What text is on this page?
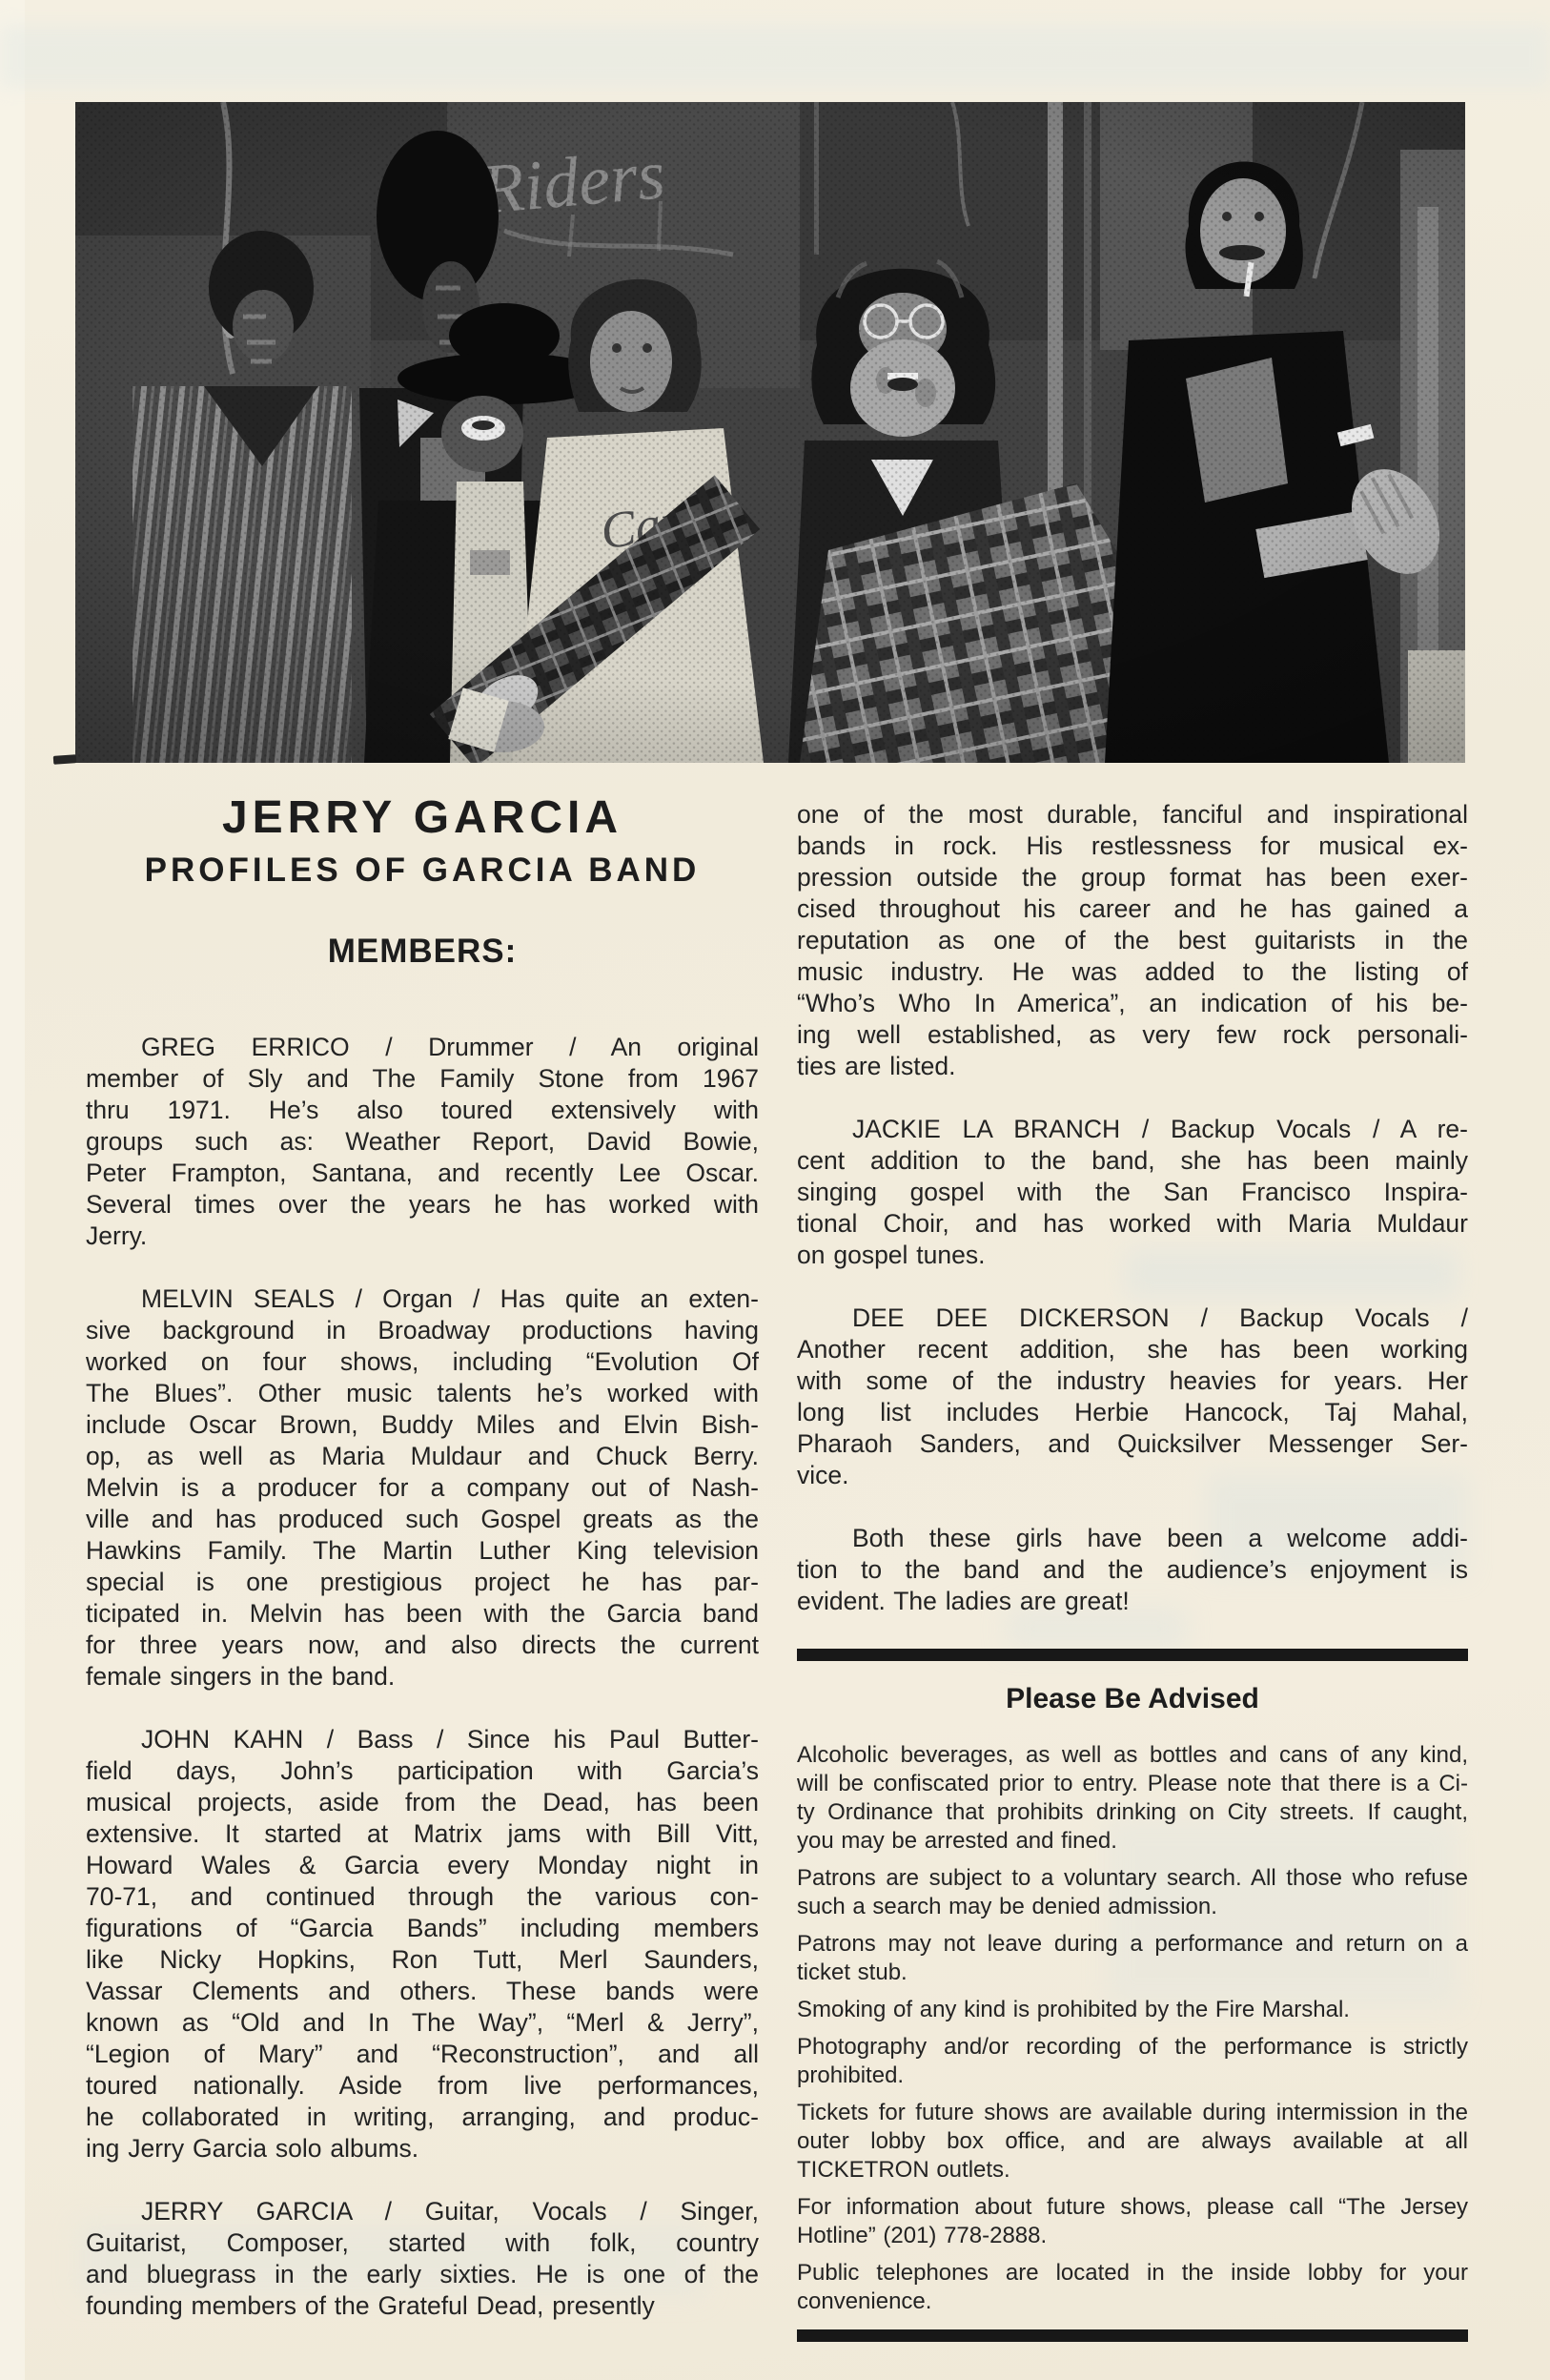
JERRY GARCIA
PROFILES OF GARCIA BAND
MEMBERS:
GREG ERRICO / Drummer / An original
member of Sly and The Family Stone from 1967
thru 1971. He’s also toured extensively with
groups such as: Weather Report, David Bowie,
Peter Frampton, Santana, and recently Lee Oscar.
Several times over the years he has worked with
Jerry.
MELVIN SEALS / Organ / Has quite an exten-
sive background in Broadway productions having
worked on four shows, including “Evolution Of
The Blues”. Other music talents he’s worked with
include Oscar Brown, Buddy Miles and Elvin Bish-
op, as well as Maria Muldaur and Chuck Berry.
Melvin is a producer for a company out of Nash-
ville and has produced such Gospel greats as the
Hawkins Family. The Martin Luther King television
special is one prestigious project he has par-
ticipated in. Melvin has been with the Garcia band
for three years now, and also directs the current
female singers in the band.
JOHN KAHN / Bass / Since his Paul Butter-
field days, John’s participation with Garcia’s
musical projects, aside from the Dead, has been
extensive. It started at Matrix jams with Bill Vitt,
Howard Wales & Garcia every Monday night in
70-71, and continued through the various con-
figurations of “Garcia Bands” including members
like Nicky Hopkins, Ron Tutt, Merl Saunders,
Vassar Clements and others. These bands were
known as “Old and In The Way”, “Merl & Jerry”,
“Legion of Mary” and “Reconstruction”, and all
toured nationally. Aside from live performances,
he collaborated in writing, arranging, and produc-
ing Jerry Garcia solo albums.
JERRY GARCIA / Guitar, Vocals / Singer,
Guitarist, Composer, started with folk, country
and bluegrass in the early sixties. He is one of the
founding members of the Grateful Dead, presently
one of the most durable, fanciful and inspirational
bands in rock. His restlessness for musical ex-
pression outside the group format has been exer-
cised throughout his career and he has gained a
reputation as one of the best guitarists in the
music industry. He was added to the listing of
“Who’s Who In America”, an indication of his be-
ing well established, as very few rock personali-
ties are listed.
JACKIE LA BRANCH / Backup Vocals / A re-
cent addition to the band, she has been mainly
singing gospel with the San Francisco Inspira-
tional Choir, and has worked with Maria Muldaur
on gospel tunes.
DEE DEE DICKERSON / Backup Vocals /
Another recent addition, she has been working
with some of the industry heavies for years. Her
long list includes Herbie Hancock, Taj Mahal,
Pharaoh Sanders, and Quicksilver Messenger Ser-
vice.
Both these girls have been a welcome addi-
tion to the band and the audience’s enjoyment is
evident. The ladies are great!
Please Be Advised
Alcoholic beverages, as well as bottles and cans of any kind,
will be confiscated prior to entry. Please note that there is a Ci-
ty Ordinance that prohibits drinking on City streets. If caught,
you may be arrested and fined.
Patrons are subject to a voluntary search. All those who refuse
such a search may be denied admission.
Patrons may not leave during a performance and return on a
ticket stub.
Smoking of any kind is prohibited by the Fire Marshal.
Photography and/or recording of the performance is strictly
prohibited.
Tickets for future shows are available during intermission in the
outer lobby box office, and are always available at all
TICKETRON outlets.
For information about future shows, please call “The Jersey
Hotline” (201) 778-2888.
Public telephones are located in the inside lobby for your
convenience.
